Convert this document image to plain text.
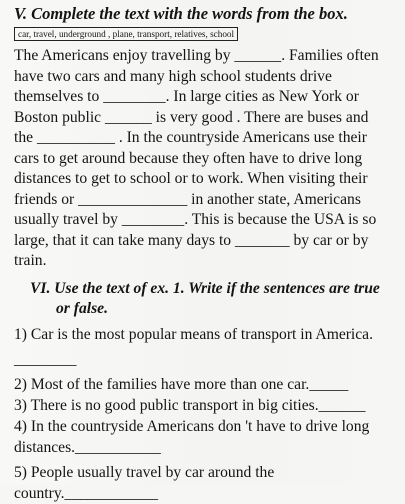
V. Complete the text with the words from the box.
car, travel, underground , plane, transport, relatives, school
The Americans enjoy travelling by ______. Families often
have two cars and many high school students drive
themselves to ________. In large cities as New York or
Boston public ______ is very good . There are buses and
the __________ . In the countryside Americans use their
cars to get around because they often have to drive long
distances to get to school or to work. When visiting their
friends or ______________ in another state, Americans
usually travel by ________. This is because the USA is so
large, that it can take many days to _______ by car or by
train.
VI. Use the text of ex. 1. Write if the sentences are true
or false.
1) Car is the most popular means of transport in America.
________
2) Most of the families have more than one car._____
3) There is no good public transport in big cities.______
4) In the countryside Americans don 't have to drive long
distances.___________
5) People usually travel by car around the
country.____________
